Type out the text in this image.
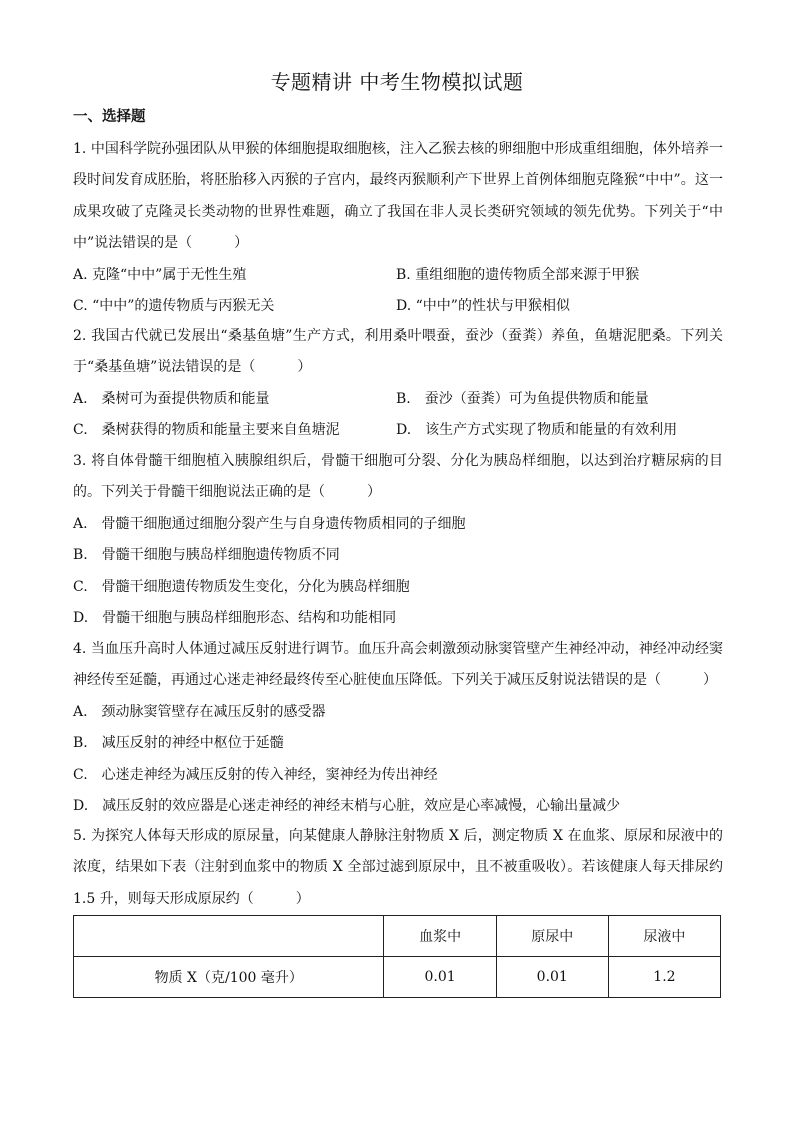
专题精讲 中考生物模拟试题
一、选择题

1. 中国科学院孙强团队从甲猴的体细胞提取细胞核，注入乙猴去核的卵细胞中形成重组细胞，体外培养一段时间发育成胚胎，将胚胎移入丙猴的子宫内，最终丙猴顺利产下世界上首例体细胞克隆猴“中中”。这一成果攻破了克隆灵长类动物的世界性难题，确立了我国在非人灵长类研究领域的领先优势。下列关于“中中”说法错误的是（　　　）

A. 克隆“中中”属于无性生殖	B. 重组细胞的遗传物质全部来源于甲猴
C. “中中”的遗传物质与丙猴无关	D. “中中”的性状与甲猴相似

2. 我国古代就已发展出“桑基鱼塘”生产方式，利用桑叶喂蚕，蚕沙（蚕粪）养鱼，鱼塘泥肥桑。下列关于“桑基鱼塘”说法错误的是（　　　）

A.　桑树可为蚕提供物质和能量	B.　蚕沙（蚕粪）可为鱼提供物质和能量
C.　桑树获得的物质和能量主要来自鱼塘泥	D.　该生产方式实现了物质和能量的有效利用

3. 将自体骨髓干细胞植入胰腺组织后，骨髓干细胞可分裂、分化为胰岛样细胞，以达到治疗糖尿病的目的。下列关于骨髓干细胞说法正确的是（　　　）

A.　骨髓干细胞通过细胞分裂产生与自身遗传物质相同的子细胞
B.　骨髓干细胞与胰岛样细胞遗传物质不同
C.　骨髓干细胞遗传物质发生变化，分化为胰岛样细胞
D.　骨髓干细胞与胰岛样细胞形态、结构和功能相同

4. 当血压升高时人体通过减压反射进行调节。血压升高会刺激颈动脉窦管壁产生神经冲动，神经冲动经窦神经传至延髓，再通过心迷走神经最终传至心脏使血压降低。下列关于减压反射说法错误的是（　　　）

A.　颈动脉窦管壁存在减压反射的感受器
B.　减压反射的神经中枢位于延髓
C.　心迷走神经为减压反射的传入神经，窦神经为传出神经
D.　减压反射的效应器是心迷走神经的神经末梢与心脏，效应是心率减慢，心输出量减少

5. 为探究人体每天形成的原尿量，向某健康人静脉注射物质 X 后，测定物质 X 在血浆、原尿和尿液中的浓度，结果如下表（注射到血浆中的物质 X 全部过滤到原尿中，且不被重吸收）。若该健康人每天排尿约 1.5 升，则每天形成原尿约（　　　）

	血浆中	原尿中	尿液中
物质 X（克/100 毫升）	0.01	0.01	1.2
